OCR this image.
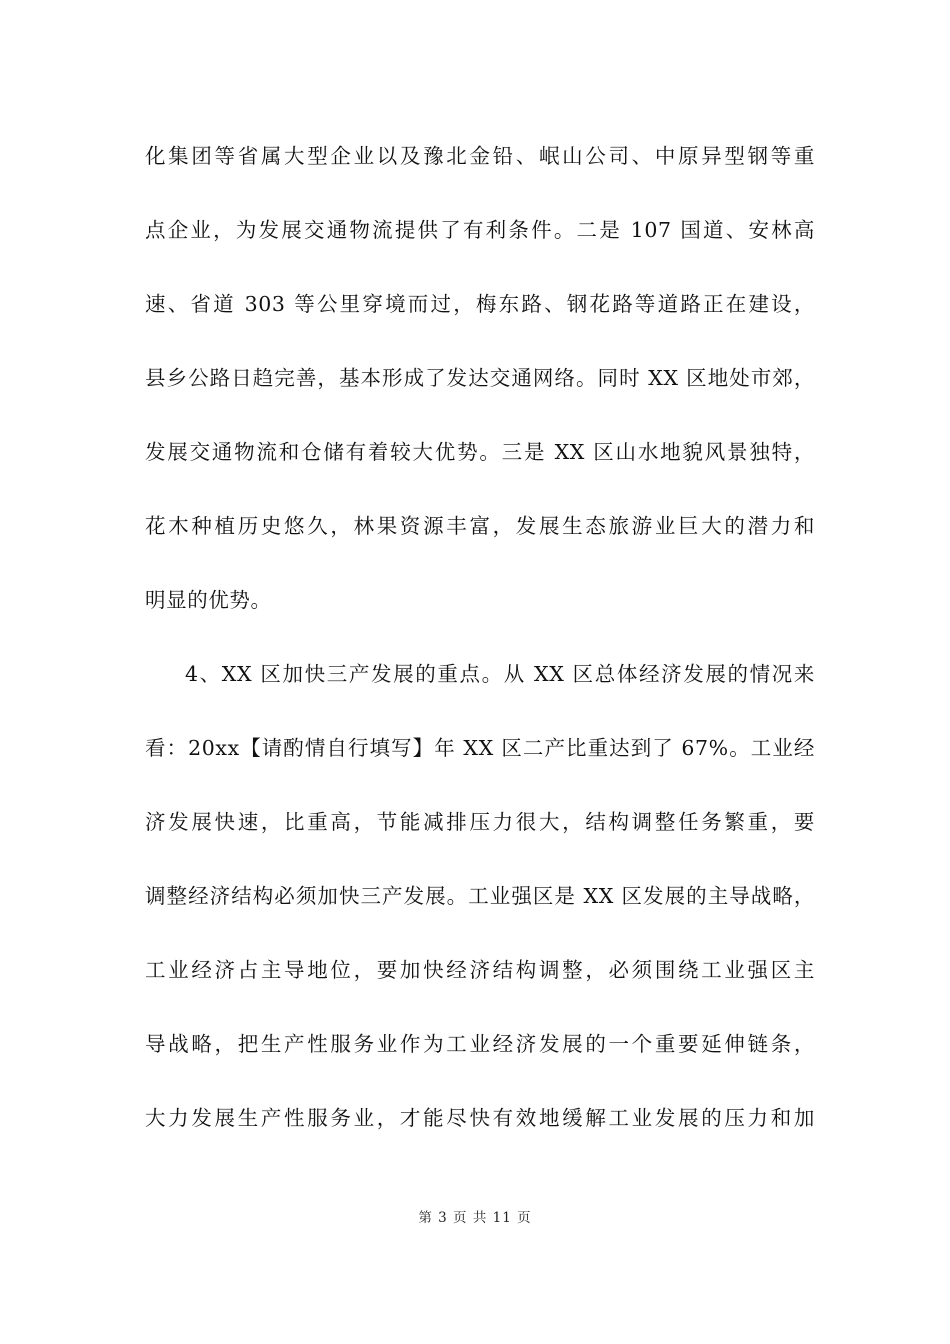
化集团等省属大型企业以及豫北金铅、岷山公司、中原异型钢等重
点企业，为发展交通物流提供了有利条件。二是 107 国道、安林高
速、省道 303 等公里穿境而过，梅东路、钢花路等道路正在建设，
县乡公路日趋完善，基本形成了发达交通网络。同时 XX 区地处市郊，
发展交通物流和仓储有着较大优势。三是 XX 区山水地貌风景独特，
花木种植历史悠久，林果资源丰富，发展生态旅游业巨大的潜力和
明显的优势。
4、XX 区加快三产发展的重点。从 XX 区总体经济发展的情况来
看：20xx【请酌情自行填写】年 XX 区二产比重达到了 67%。工业经
济发展快速，比重高，节能减排压力很大，结构调整任务繁重，要
调整经济结构必须加快三产发展。工业强区是 XX 区发展的主导战略，
工业经济占主导地位，要加快经济结构调整，必须围绕工业强区主
导战略，把生产性服务业作为工业经济发展的一个重要延伸链条，
大力发展生产性服务业，才能尽快有效地缓解工业发展的压力和加
第 3 页 共 11 页
